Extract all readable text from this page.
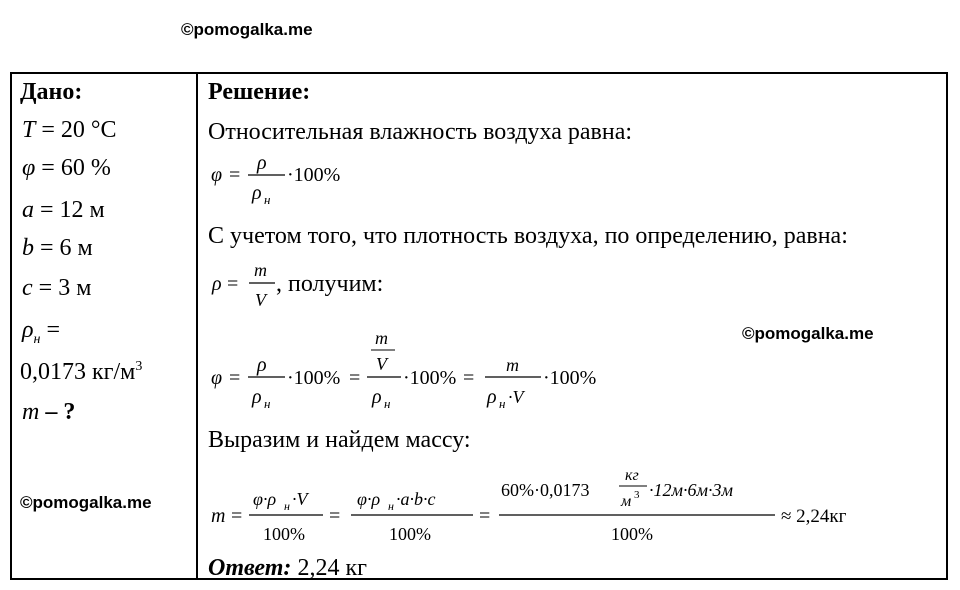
©pomogalka.me
©pomogalka.me
©pomogalka.me
Дано:
T = 20 °C
φ = 60 %
a = 12 м
b = 6 м
c = 3 м
$\rho_н$ =
0,0173 $кг/м^3$
m – ?
Решение:
Относительная влажность воздуха равна:
С учетом того, что плотность воздуха, по определению, равна:
, получим:
Выразим и найдем массу:
Ответ: 2,24 кг
φ =
ρ
ρ н
·100%
ρ =
m
V
φ =
ρ
ρ н
·100% =
m
V
ρ н
·100% =
m
ρ н ·V
·100%
m =
φ·ρ н ·V
100%
=
φ·ρ н ·a·b·c
100%
=
60%·0,0173
кг
м 3 ·12м·6м·3м
100%
≈ 2,24кг
